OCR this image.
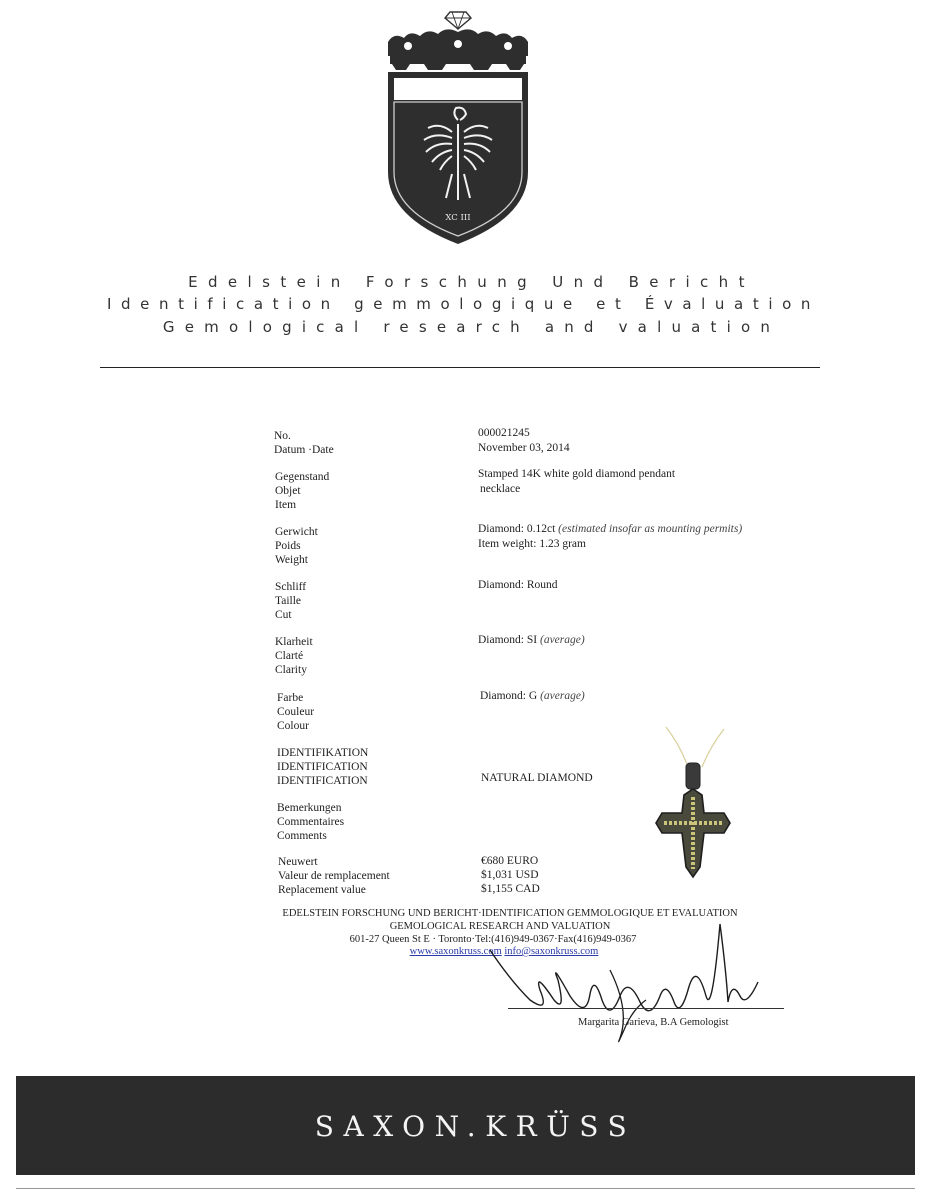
XC III
Edelstein Forschung Und Bericht
Identification gemmologique et Évaluation
Gemological research and valuation
No.
Datum ·Date
000021245
November 03, 2014
Gegenstand
Objet
Item
Stamped 14K white gold diamond pendant
necklace
Gerwicht
Poids
Weight
Diamond: 0.12ct (estimated insofar as mounting permits)
Item weight: 1.23 gram
Schliff
Taille
Cut
Diamond: Round
Klarheit
Clarté
Clarity
Diamond: SI (average)
Farbe
Couleur
Colour
Diamond: G (average)
IDENTIFIKATION
IDENTIFICATION
IDENTIFICATION	NATURAL DIAMOND
Bemerkungen
Commentaires
Comments
Neuwert
Valeur de remplacement
Replacement value
€680 EURO
$1,031 USD
$1,155 CAD
EDELSTEIN FORSCHUNG UND BERICHT·IDENTIFICATION GEMMOLOGIQUE ET EVALUATION
GEMOLOGICAL RESEARCH AND VALUATION
601-27 Queen St E · Toronto·Tel:(416)949-0367·Fax(416)949-0367
www.saxonkruss.com info@saxonkruss.com
Margarita Garieva, B.A Gemologist
SAXON.KRÜSS
